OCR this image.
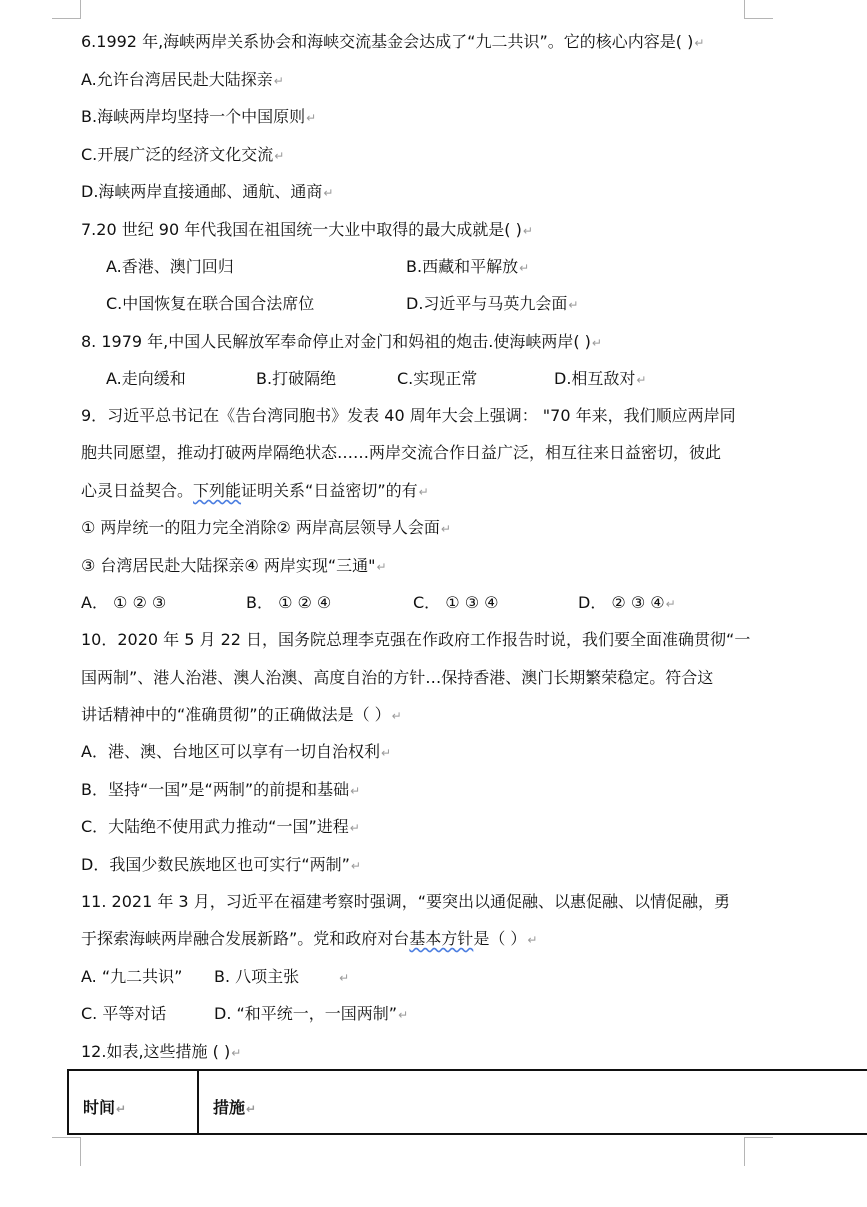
6.1992 年,海峡两岸关系协会和海峡交流基金会达成了“九二共识”。它的核心内容是( )↵
A.允许台湾居民赴大陆探亲↵
B.海峡两岸均坚持一个中国原则↵
C.开展广泛的经济文化交流↵
D.海峡两岸直接通邮、通航、通商↵
7.20 世纪 90 年代我国在祖国统一大业中取得的最大成就是( )↵
A.香港、澳门回归	B.西藏和平解放↵
C.中国恢复在联合国合法席位	D.习近平与马英九会面↵
8. 1979 年,中国人民解放军奉命停止对金门和妈祖的炮击.使海峡两岸( )↵
A.走向缓和	B.打破隔绝	C.实现正常	D.相互敌对↵
9．习近平总书记在《告台湾同胞书》发表 40 周年大会上强调： "70 年来，我们顺应两岸同
胞共同愿望，推动打破两岸隔绝状态……两岸交流合作日益广泛，相互往来日益密切，彼此
心灵日益契合。下列能证明关系“日益密切”的有↵
① 两岸统一的阻力完全消除② 两岸高层领导人会面↵
③ 台湾居民赴大陆探亲④ 两岸实现“三通"↵
A． ① ② ③	B． ① ② ④	C． ① ③ ④	D． ② ③ ④↵
10．2020 年 5 月 22 日，国务院总理李克强在作政府工作报告时说，我们要全面准确贯彻“一
国两制”、港人治港、澳人治澳、高度自治的方针…保持香港、澳门长期繁荣稳定。符合这
讲话精神中的“准确贯彻”的正确做法是（ ）↵
A．港、澳、台地区可以享有一切自治权利↵
B．坚持“一国”是“两制”的前提和基础↵
C．大陆绝不使用武力推动“一国”进程↵
D．我国少数民族地区也可实行“两制”↵
11. 2021 年 3 月，习近平在福建考察时强调，“要突出以通促融、以惠促融、以情促融，勇
于探索海峡两岸融合发展新路”。党和政府对台基本方针是（ ）↵
A. “九二共识” B. 八项主张	↵
C. 平等对话	D. “和平统一，一国两制”↵
12.如表,这些措施 ( )↵
时间↵	措施↵
